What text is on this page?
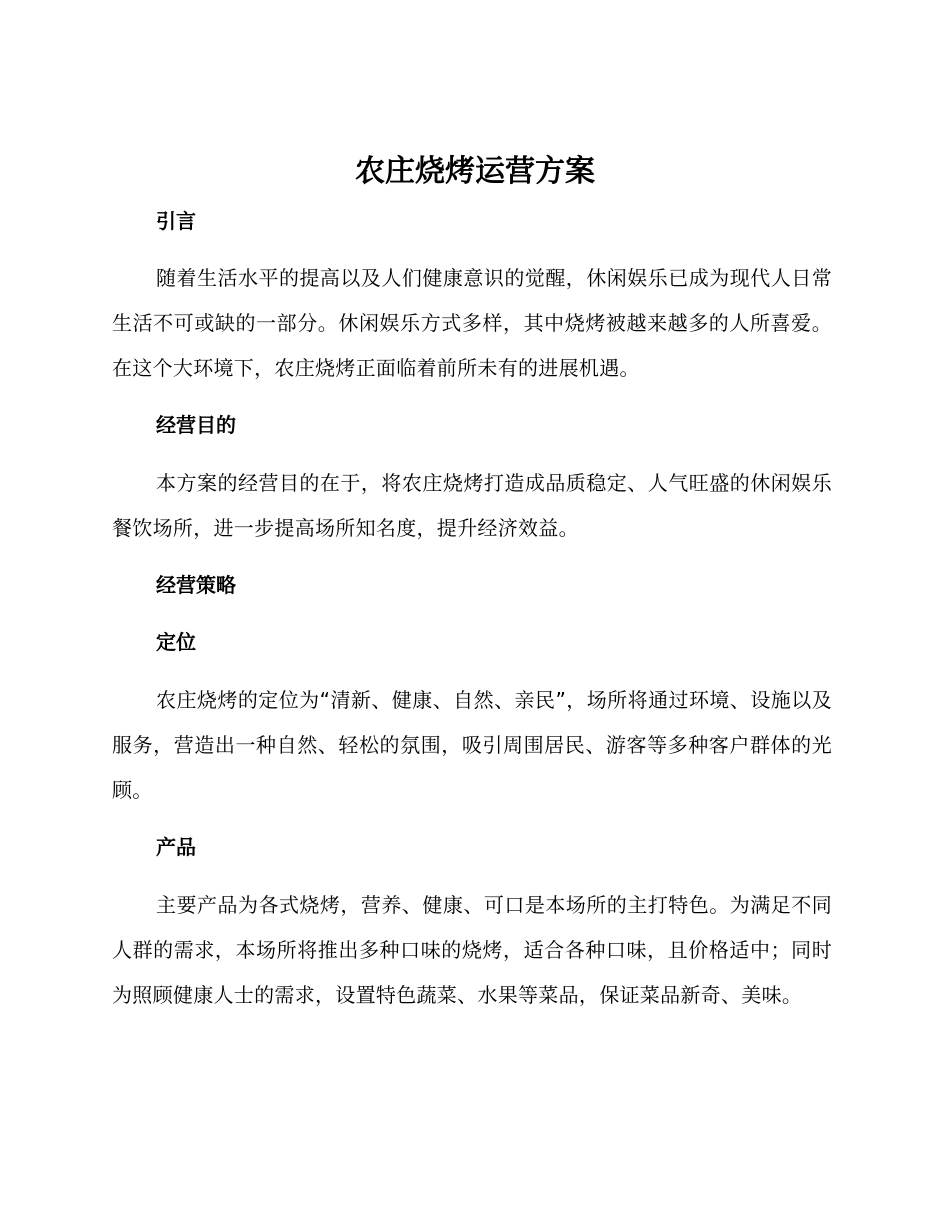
农庄烧烤运营方案
引言
随着生活水平的提高以及人们健康意识的觉醒，休闲娱乐已成为现代人日常生活不可或缺的一部分。休闲娱乐方式多样，其中烧烤被越来越多的人所喜爱。在这个大环境下，农庄烧烤正面临着前所未有的进展机遇。
经营目的
本方案的经营目的在于，将农庄烧烤打造成品质稳定、人气旺盛的休闲娱乐餐饮场所，进一步提高场所知名度，提升经济效益。
经营策略
定位
农庄烧烤的定位为“清新、健康、自然、亲民”，场所将通过环境、设施以及服务，营造出一种自然、轻松的氛围，吸引周围居民、游客等多种客户群体的光顾。
产品
主要产品为各式烧烤，营养、健康、可口是本场所的主打特色。为满足不同人群的需求，本场所将推出多种口味的烧烤，适合各种口味，且价格适中；同时为照顾健康人士的需求，设置特色蔬菜、水果等菜品，保证菜品新奇、美味。
